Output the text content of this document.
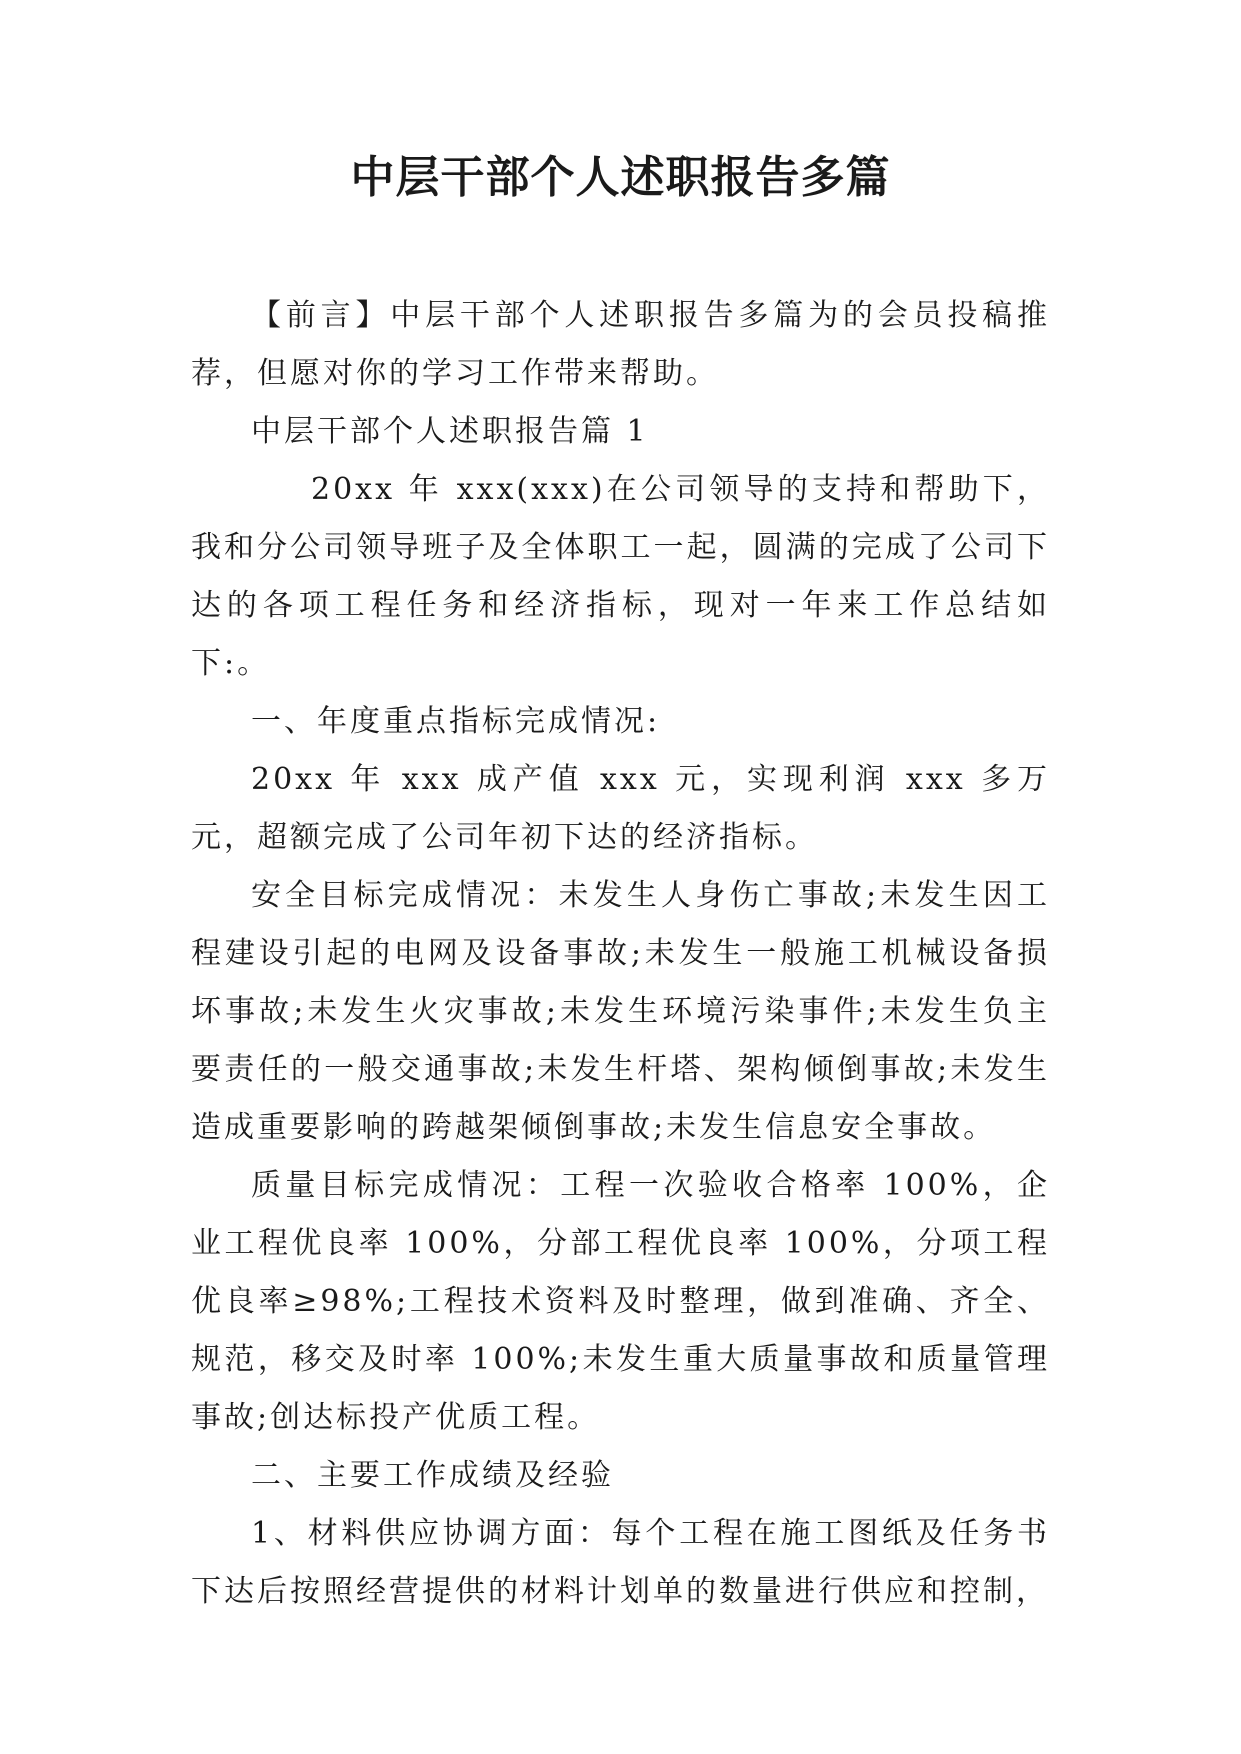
中层干部个人述职报告多篇

【前言】中层干部个人述职报告多篇为的会员投稿推荐，但愿对你的学习工作带来帮助。

中层干部个人述职报告篇 1

20xx 年 xxx(xxx)在公司领导的支持和帮助下，我和分公司领导班子及全体职工一起，圆满的完成了公司下达的各项工程任务和经济指标，现对一年来工作总结如下:。

一、年度重点指标完成情况:

20xx 年 xxx 成产值 xxx 元，实现利润 xxx 多万元，超额完成了公司年初下达的经济指标。

安全目标完成情况：未发生人身伤亡事故;未发生因工程建设引起的电网及设备事故;未发生一般施工机械设备损坏事故;未发生火灾事故;未发生环境污染事件;未发生负主要责任的一般交通事故;未发生杆塔、架构倾倒事故;未发生造成重要影响的跨越架倾倒事故;未发生信息安全事故。

质量目标完成情况：工程一次验收合格率 100%，企业工程优良率 100%，分部工程优良率 100%，分项工程优良率≥98%;工程技术资料及时整理，做到准确、齐全、规范，移交及时率 100%;未发生重大质量事故和质量管理事故;创达标投产优质工程。

二、主要工作成绩及经验

1、材料供应协调方面：每个工程在施工图纸及任务书下达后按照经营提供的材料计划单的数量进行供应和控制，
